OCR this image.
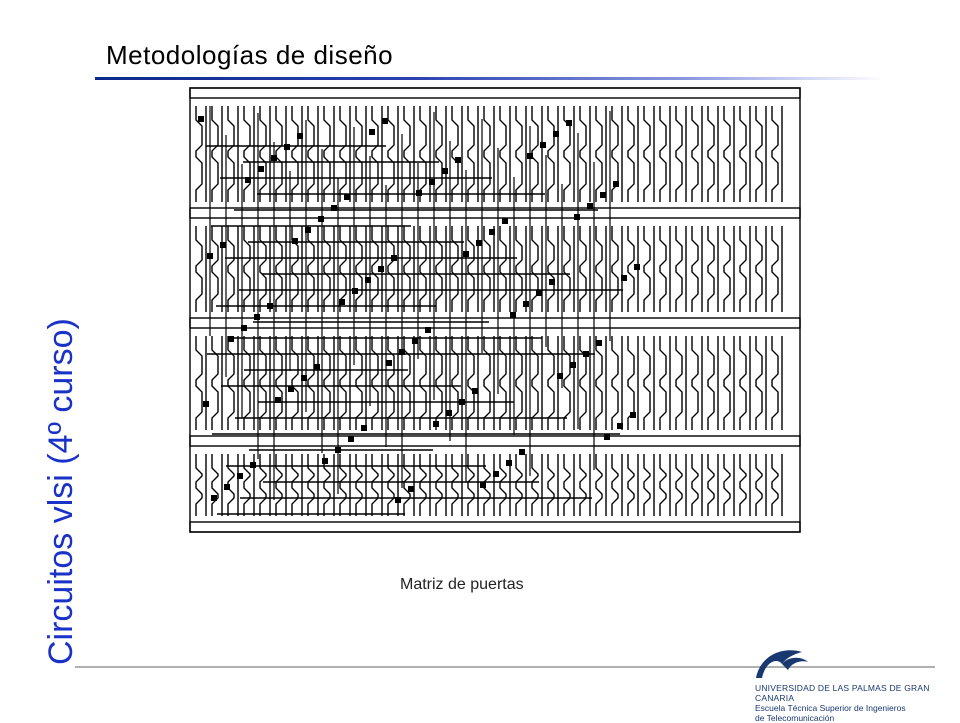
Metodologías de diseño
Circuitos vlsi (4º curso)	Matriz de puertas
UNIVERSIDAD DE LAS PALMAS DE GRAN CANARIA
Escuela Técnica Superior de Ingenieros
de Telecomunicación
